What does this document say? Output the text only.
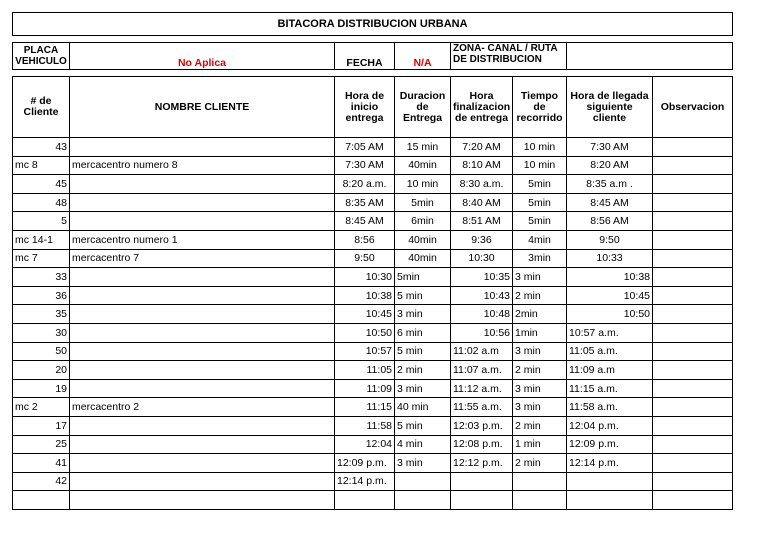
BITACORA DISTRIBUCION URBANA							

PLACA VEHICULO	No Aplica	FECHA	N/A	ZONA- CANAL / RUTA DE DISTRIBUCION			

# de Cliente	NOMBRE CLIENTE	Hora de inicio entrega	Duracion de Entrega	Hora finalizacion de entrega	Tiempo de recorrido	Hora de llegada siguiente cliente	Observacion
43		7:05 AM	15 min	7:20 AM	10 min	7:30 AM	
mc 8	mercacentro numero 8	7:30 AM	40min	8:10 AM	10 min	8:20 AM	
45		8:20 a.m.	10 min	8:30 a.m.	5min	8:35 a.m .	
48		8:35 AM	5min	8:40 AM	5min	8:45 AM	
5		8:45 AM	6min	8:51 AM	5min	8:56 AM	
mc 14-1	mercacentro numero 1	8:56	40min	9:36	4min	9:50	
mc 7	mercacentro 7	9:50	40min	10:30	3min	10:33	
33		10:30	5min	10:35	3 min	10:38	
36		10:38	5 min	10:43	2 min	10:45	
35		10:45	3 min	10:48	2min	10:50	
30		10:50	6 min	10:56	1min	10:57 a.m.	
50		10:57	5 min	11:02 a.m	3 min	11:05 a.m.	
20		11:05	2 min	11:07 a.m.	2 min	11:09 a.m	
19		11:09	3 min	11:12 a.m.	3 min	11:15 a.m.	
mc 2	mercacentro 2	11:15	40 min	11:55 a.m.	3 min	11:58 a.m.	
17		11:58	5 min	12:03 p.m.	2 min	12:04 p.m.	
25		12:04	4 min	12:08 p.m.	1 min	12:09 p.m.	
41		12:09 p.m.	3 min	12:12 p.m.	2 min	12:14 p.m.	
42		12:14 p.m.					
